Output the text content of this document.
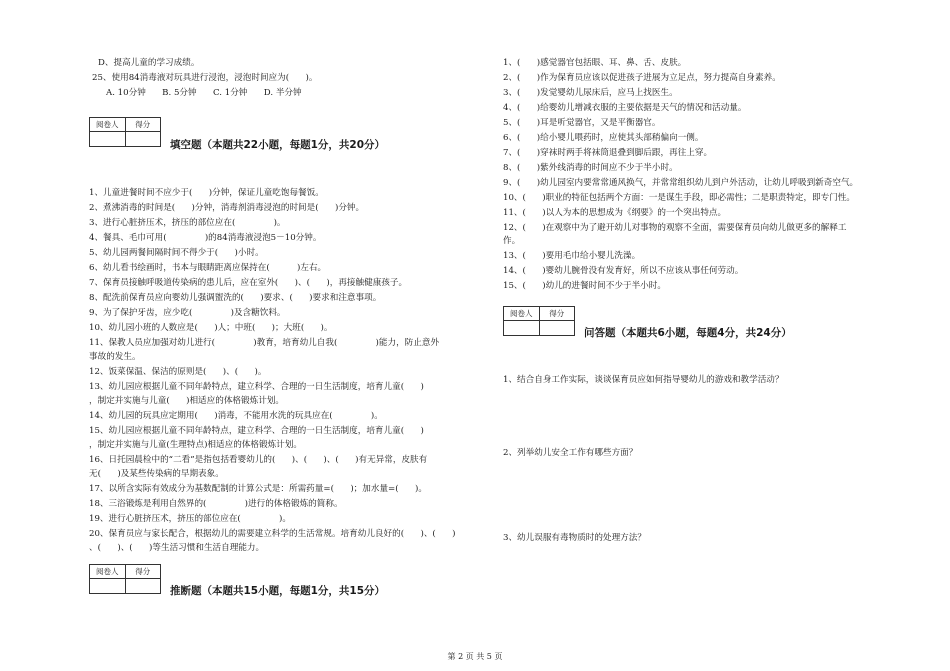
D、提高儿童的学习成绩。
25、使用84消毒液对玩具进行浸泡，浸泡时间应为(      )。
A. 10分钟      B. 5分钟      C. 1分钟      D. 半分钟
阅卷人	得分
填空题（本题共22小题，每题1分，共20分）
1、儿童进餐时间不应少于(      )分钟，保证儿童吃饱每餐饭。
2、煮沸消毒的时间是(      )分钟，消毒剂消毒浸泡的时间是(      )分钟。
3、进行心脏挤压术，挤压的部位应在(              )。
4、餐具、毛巾可用(              )的84消毒液浸泡5－10分钟。
5、幼儿园两餐间隔时间不得少于(      )小时。
6、幼儿看书绘画时，书本与眼睛距离应保持在(          )左右。
7、保育员接触呼吸道传染病的患儿后，应在室外(      )、(      )，再接触健康孩子。
8、配洗前保育员应向婴幼儿强调盥洗的(      )要求、(      )要求和注意事项。
9、为了保护牙齿，应少吃(              )及含糖饮料。
10、幼儿园小班的人数应是(      )人；中班(      )；大班(      )。
11、保教人员应加强对幼儿进行(              )教育，培育幼儿自我(              )能力，防止意外
事故的发生。
12、饭菜保温、保洁的原则是(      )、(      )。
13、幼儿园应根据儿童不同年龄特点，建立科学、合理的一日生活制度，培育儿童(      )
，制定并实施与儿童(      )相适应的体格锻炼计划。
14、幼儿园的玩具应定期用(      )消毒，不能用水洗的玩具应在(              )。
15、幼儿园应根据儿童不同年龄特点，建立科学、合理的一日生活制度，培育儿童(      )
，制定并实施与儿童(生理特点)相适应的体格锻炼计划。
16、日托园晨检中的“二看”是指包括看婴幼儿的(      )、(      )、(      )有无异常，皮肤有
无(      )及某些传染病的早期表象。
17、以所含实际有效成分为基数配制的计算公式是：所需药量=(      )；加水量=(      )。
18、三浴锻炼是利用自然界的(              )进行的体格锻炼的简称。
19、进行心脏挤压术，挤压的部位应在(              )。
20、保育员应与家长配合，根据幼儿的需要建立科学的生活常规。培育幼儿良好的(      )、(      )
、(      )、(      )等生活习惯和生活自理能力。
阅卷人	得分
推断题（本题共15小题，每题1分，共15分）
1、(      )感觉器官包括眼、耳、鼻、舌、皮肤。
2、(      )作为保育员应该以促进孩子进展为立足点，努力提高自身素养。
3、(      )发觉婴幼儿尿床后，应马上找医生。
4、(      )给婴幼儿增减衣服的主要依据是天气的情况和活动量。
5、(      )耳是听觉器官，又是平衡器官。
6、(      )给小婴儿喂药时，应使其头部稍偏向一侧。
7、(      )穿袜时两手将袜筒退叠到脚后跟，再往上穿。
8、(      )紫外线消毒的时间应不少于半小时。
9、(      )幼儿园室内要常常通风换气，并常常组织幼儿到户外活动，让幼儿呼吸到新奇空气。
10、(      )职业的特征包括两个方面：一是谋生手段，即必需性；二是职责特定，即专门性。
11、(      )以人为本的思想成为《纲要》的一个突出特点。
12、(      )在观察中为了避开幼儿对事物的观察不全面，需要保育员向幼儿做更多的解释工
作。
13、(      )要用毛巾给小婴儿洗澡。
14、(      )婴幼儿腕骨没有发育好，所以不应该从事任何劳动。
15、(      )幼儿的进餐时间不少于半小时。
阅卷人	得分
问答题（本题共6小题，每题4分，共24分）
1、结合自身工作实际，谈谈保育员应如何指导婴幼儿的游戏和教学活动？
2、列举幼儿安全工作有哪些方面？
3、幼儿误服有毒物质时的处理方法？
第 2 页 共 5 页
